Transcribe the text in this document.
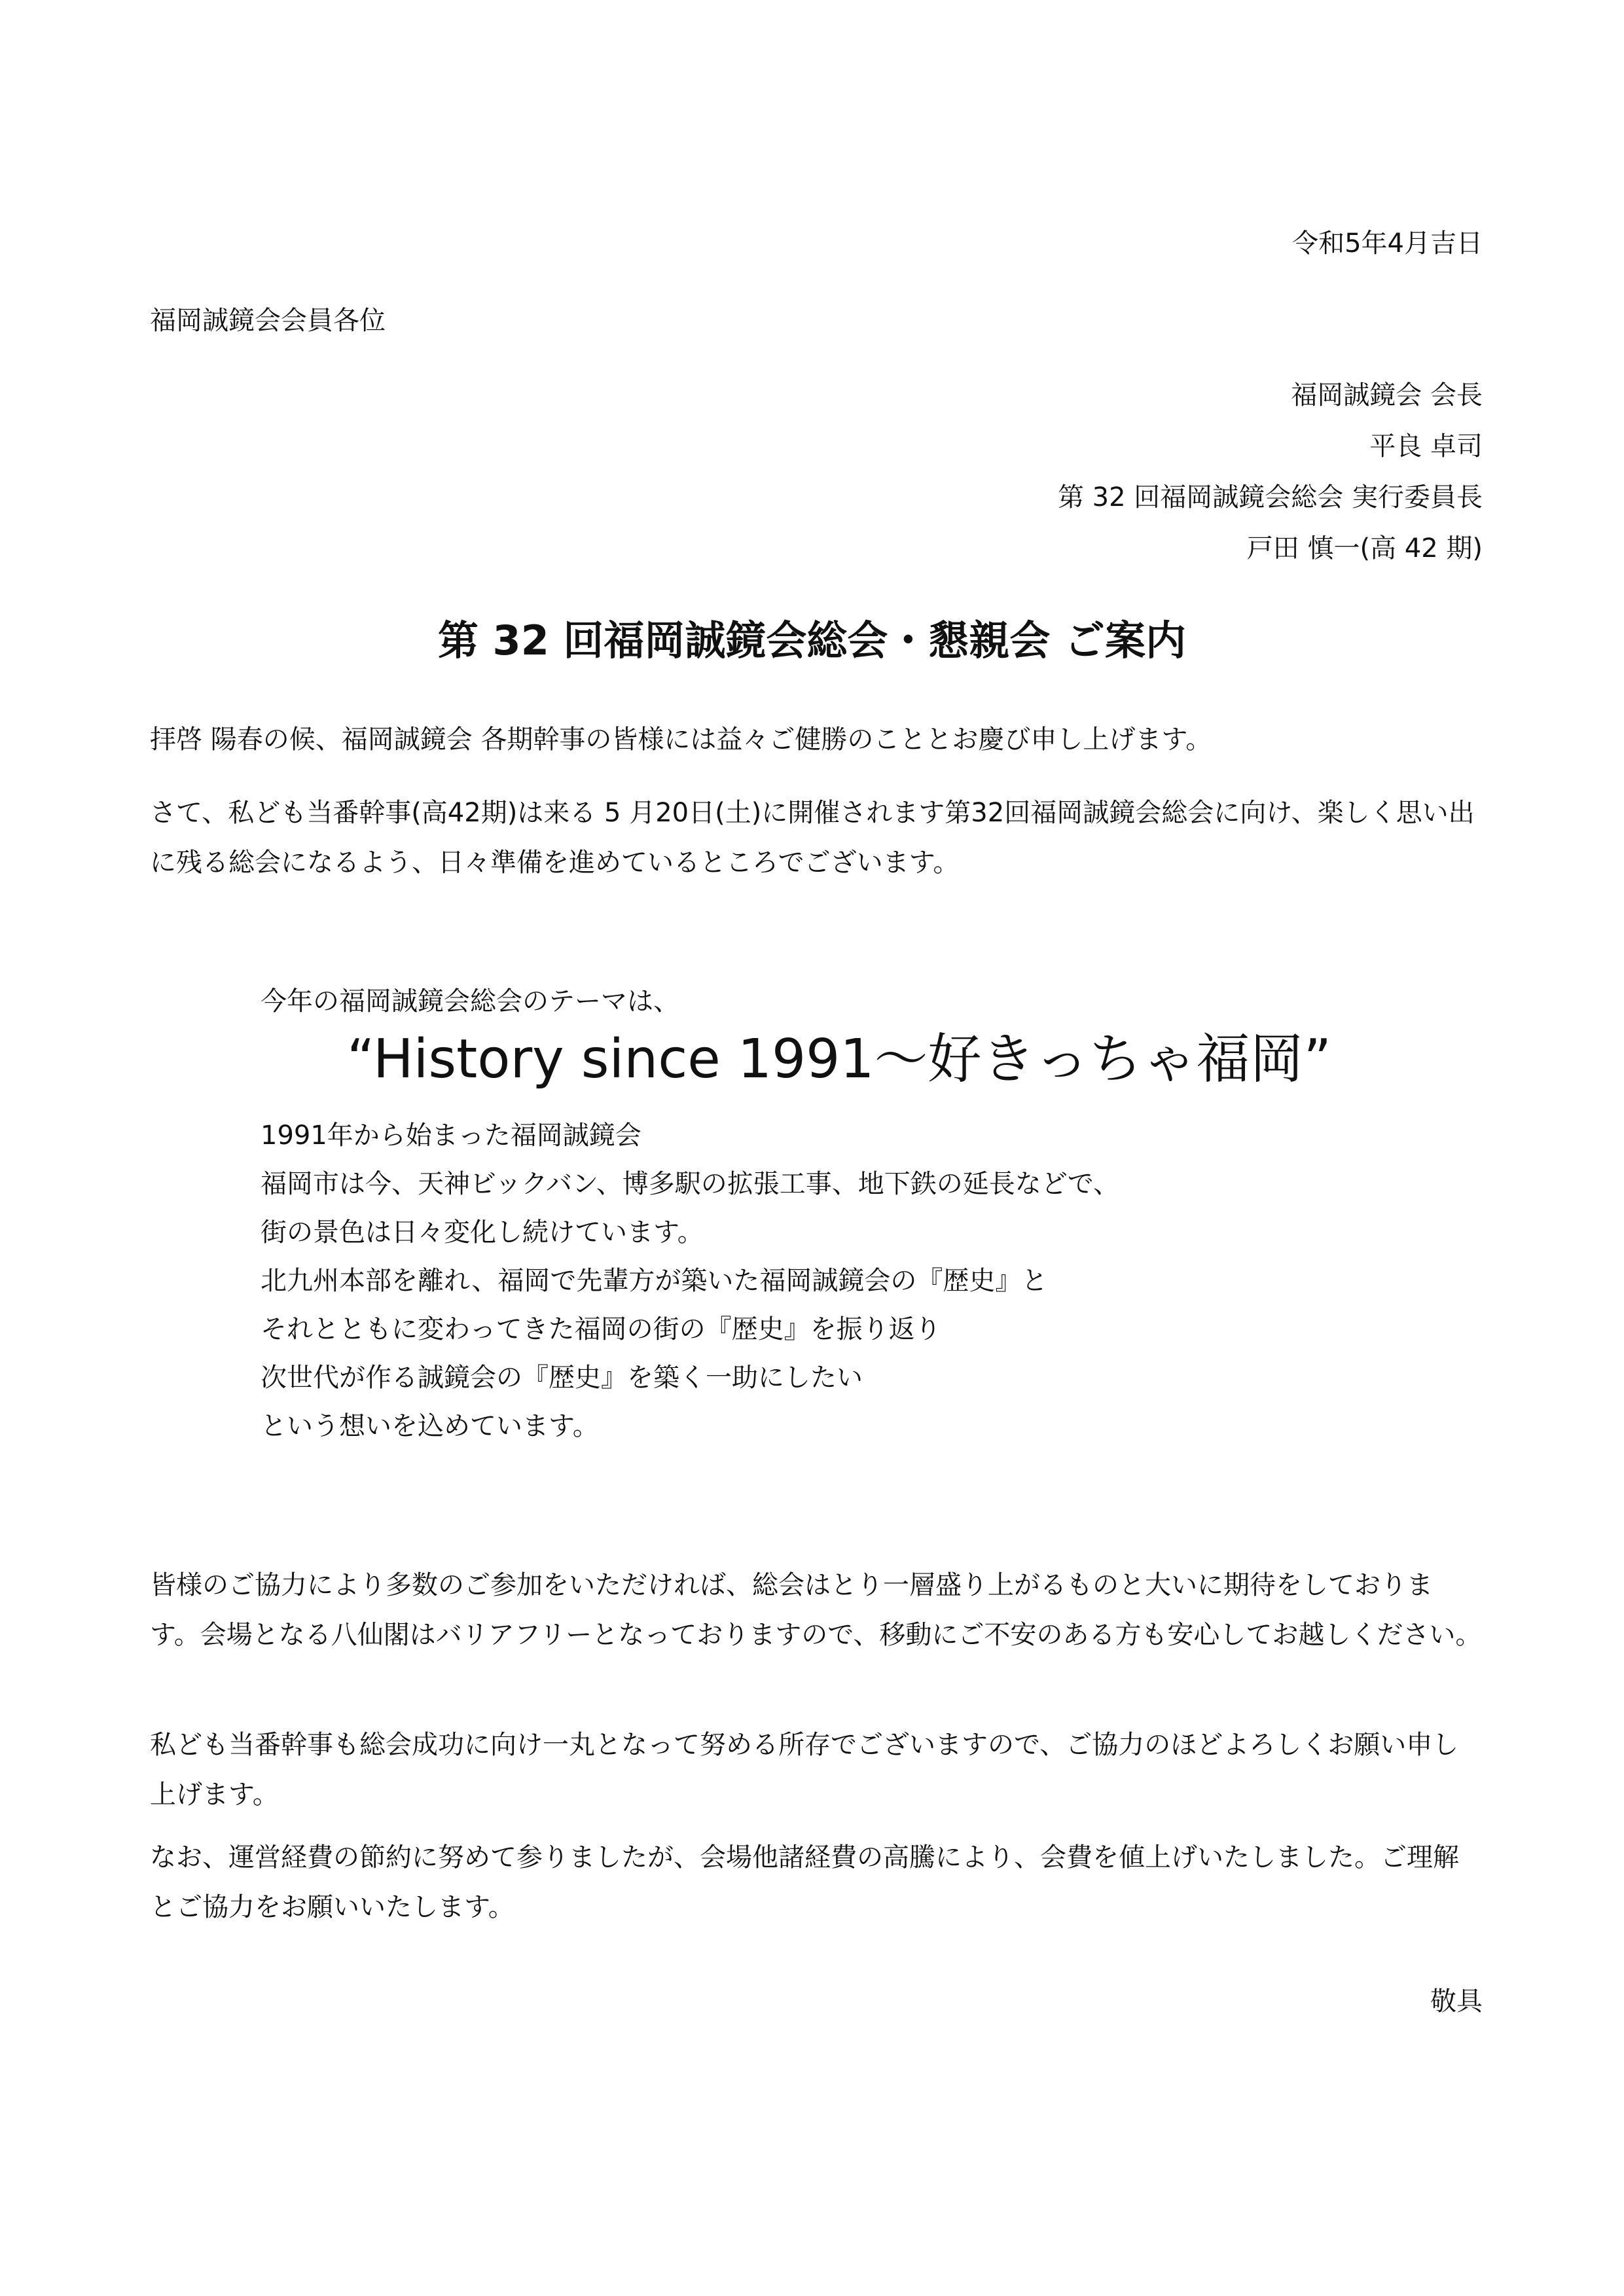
令和5年4月吉日

福岡誠鏡会会員各位

福岡誠鏡会 会長

平良 卓司

第 32 回福岡誠鏡会総会 実行委員長

戸田 慎一(高 42 期)

第 32 回福岡誠鏡会総会・懇親会 ご案内

拝啓 陽春の候、福岡誠鏡会 各期幹事の皆様には益々ご健勝のこととお慶び申し上げます。

さて、私ども当番幹事(高42期)は来る 5 月20日(土)に開催されます第32回福岡誠鏡会総会に向け、楽しく思い出に残る総会になるよう、日々準備を進めているところでございます。

今年の福岡誠鏡会総会のテーマは、

“History since 1991〜好きっちゃ福岡”

1991年から始まった福岡誠鏡会

福岡市は今、天神ビックバン、博多駅の拡張工事、地下鉄の延長などで、

街の景色は日々変化し続けています。

北九州本部を離れ、福岡で先輩方が築いた福岡誠鏡会の『歴史』と

それとともに変わってきた福岡の街の『歴史』を振り返り

次世代が作る誠鏡会の『歴史』を築く一助にしたい

という想いを込めています。

皆様のご協力により多数のご参加をいただければ、総会はとり一層盛り上がるものと大いに期待をしております。会場となる八仙閣はバリアフリーとなっておりますので、移動にご不安のある方も安心してお越しください。

私ども当番幹事も総会成功に向け一丸となって努める所存でございますので、ご協力のほどよろしくお願い申し上げます。

なお、運営経費の節約に努めて参りましたが、会場他諸経費の高騰により、会費を値上げいたしました。ご理解とご協力をお願いいたします。

敬具
